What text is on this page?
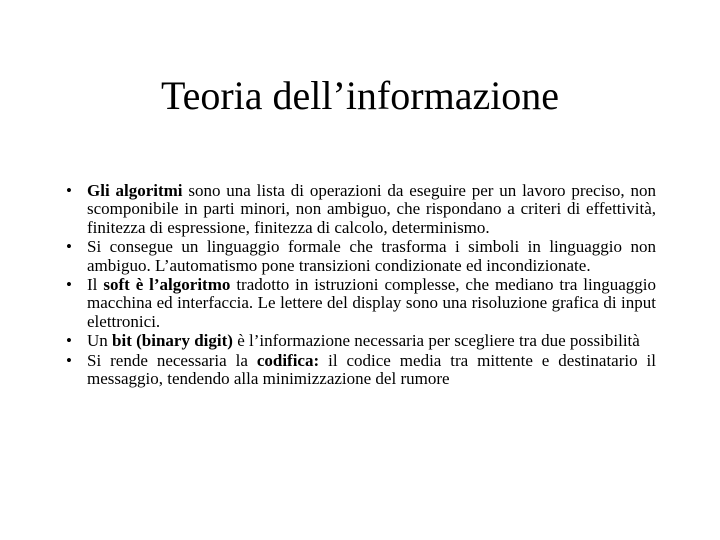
Teoria dell’informazione
• Gli algoritmi sono una lista di operazioni da eseguire per un lavoro preciso, non scomponibile in parti minori, non ambiguo, che rispondano a criteri di effettività, finitezza di espressione, finitezza di calcolo, determinismo.
• Si consegue un linguaggio formale che trasforma i simboli in linguaggio non ambiguo. L’automatismo pone transizioni condizionate ed incondizionate.
• Il soft è l’algoritmo tradotto in istruzioni complesse, che mediano tra linguaggio macchina ed interfaccia. Le lettere del display sono una risoluzione grafica di input elettronici.
• Un bit (binary digit) è l’informazione necessaria per scegliere tra due possibilità
• Si rende necessaria la codifica: il codice media tra mittente e destinatario il messaggio, tendendo alla minimizzazione del rumore
